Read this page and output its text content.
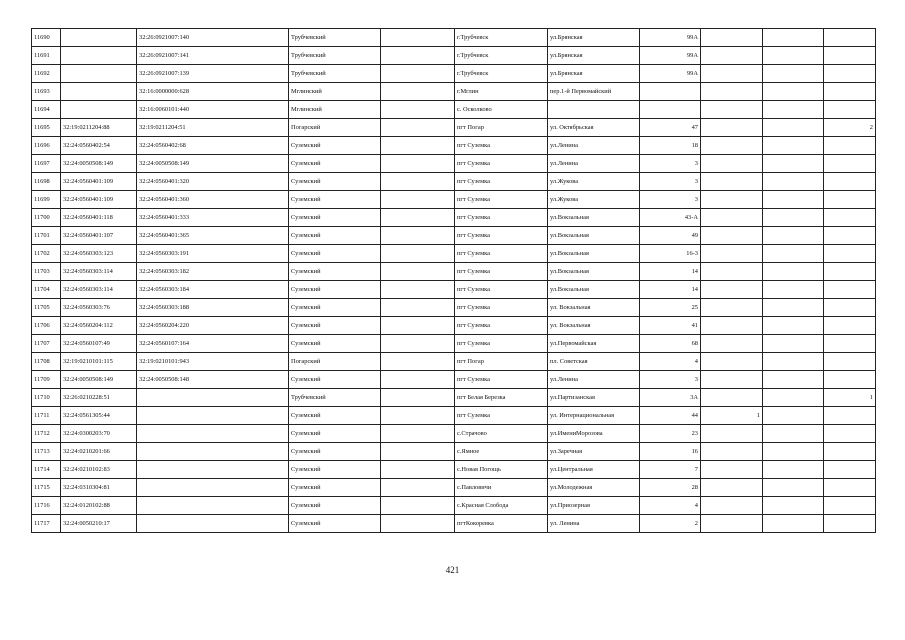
11690		32:26:0921007:140	Трубчевский		г.Трубчевск	ул.Брянская	99А			
11691		32:26:0921007:141	Трубчевский		г.Трубчевск	ул.Брянская	99А			
11692		32:26:0921007:139	Трубчевский		г.Трубчевск	ул.Брянская	99А			
11693		32:16:0000000:628	Мглинский		г.Мглин	пер.1-й Первомайский				
11694		32:16:0060101:440	Мглинский		с. Осколково					
11695	32:19:0211204:88	32:19:0211204:51	Погарский		пгт Погар	ул. Октябрьская	47			2
11696	32:24:0560402:54	32:24:0560402:68	Суземский		пгт Суземка	ул.Ленина	18			
11697	32:24:0050508:149	32:24:0050508:149	Суземский		пгт Суземка	ул.Ленина	3			
11698	32:24:0560401:109	32:24:0560401:320	Суземский		пгт Суземка	ул.Жукова	3			
11699	32:24:0560401:109	32:24:0560401:360	Суземский		пгт Суземка	ул.Жукова	3			
11700	32:24:0560401:118	32:24:0560401:333	Суземский		пгт Суземка	ул.Вокзальная	43-А			
11701	32:24:0560401:107	32:24:0560401:365	Суземский		пгт Суземка	ул.Вокзальная	49			
11702	32:24:0560303:123	32:24:0560303:191	Суземский		пгт Суземка	ул.Вокзальная	16-3			
11703	32:24:0560303:114	32:24:0560303:182	Суземский		пгт Суземка	ул.Вокзальная	14			
11704	32:24:0560303:114	32:24:0560303:184	Суземский		пгт Суземка	ул.Вокзальная	14			
11705	32:24:0560303:76	32:24:0560303:188	Суземский		пгт Суземка	ул. Вокзальная	25			
11706	32:24:0560204:112	32:24:0560204:220	Суземский		пгт Суземка	ул. Вокзальная	41			
11707	32:24:0560107:49	32:24:0560107:164	Суземский		пгт Суземка	ул.Первомайская	68			
11708	32:19:0210101:115	32:19:0210101:943	Погарский		пгт Погар	пл. Советская	4			
11709	32:24:0050508:149	32:24:0050508:148	Суземский		пгт Суземка	ул.Ленина	3			
11710	32:26:0210228:51		Трубчевский		пгт Белая Березка	ул.Партизанская	3А			1
11711	32:24:0561305:44		Суземский		пгт Суземка	ул. Интернациональная	44	1		
11712	32:24:0300203:70		Суземский		с.Страчово	ул.ИмениМорозова	23			
11713	32:24:0210201:66		Суземский		с.Ямное	ул.Заречная	16			
11714	32:24:0210102:83		Суземский		с.Новая Погощь	ул.Центральная	7			
11715	32:24:0310304:81		Суземский		с.Павловичи	ул.Молодежная	28			
11716	32:24:0120102:88		Суземский		с.Красная Слобода	ул.Приозерная	4			
11717	32:24:0050210:17		Суземский		пгтКокоревка	ул. Ленина	2			
421
